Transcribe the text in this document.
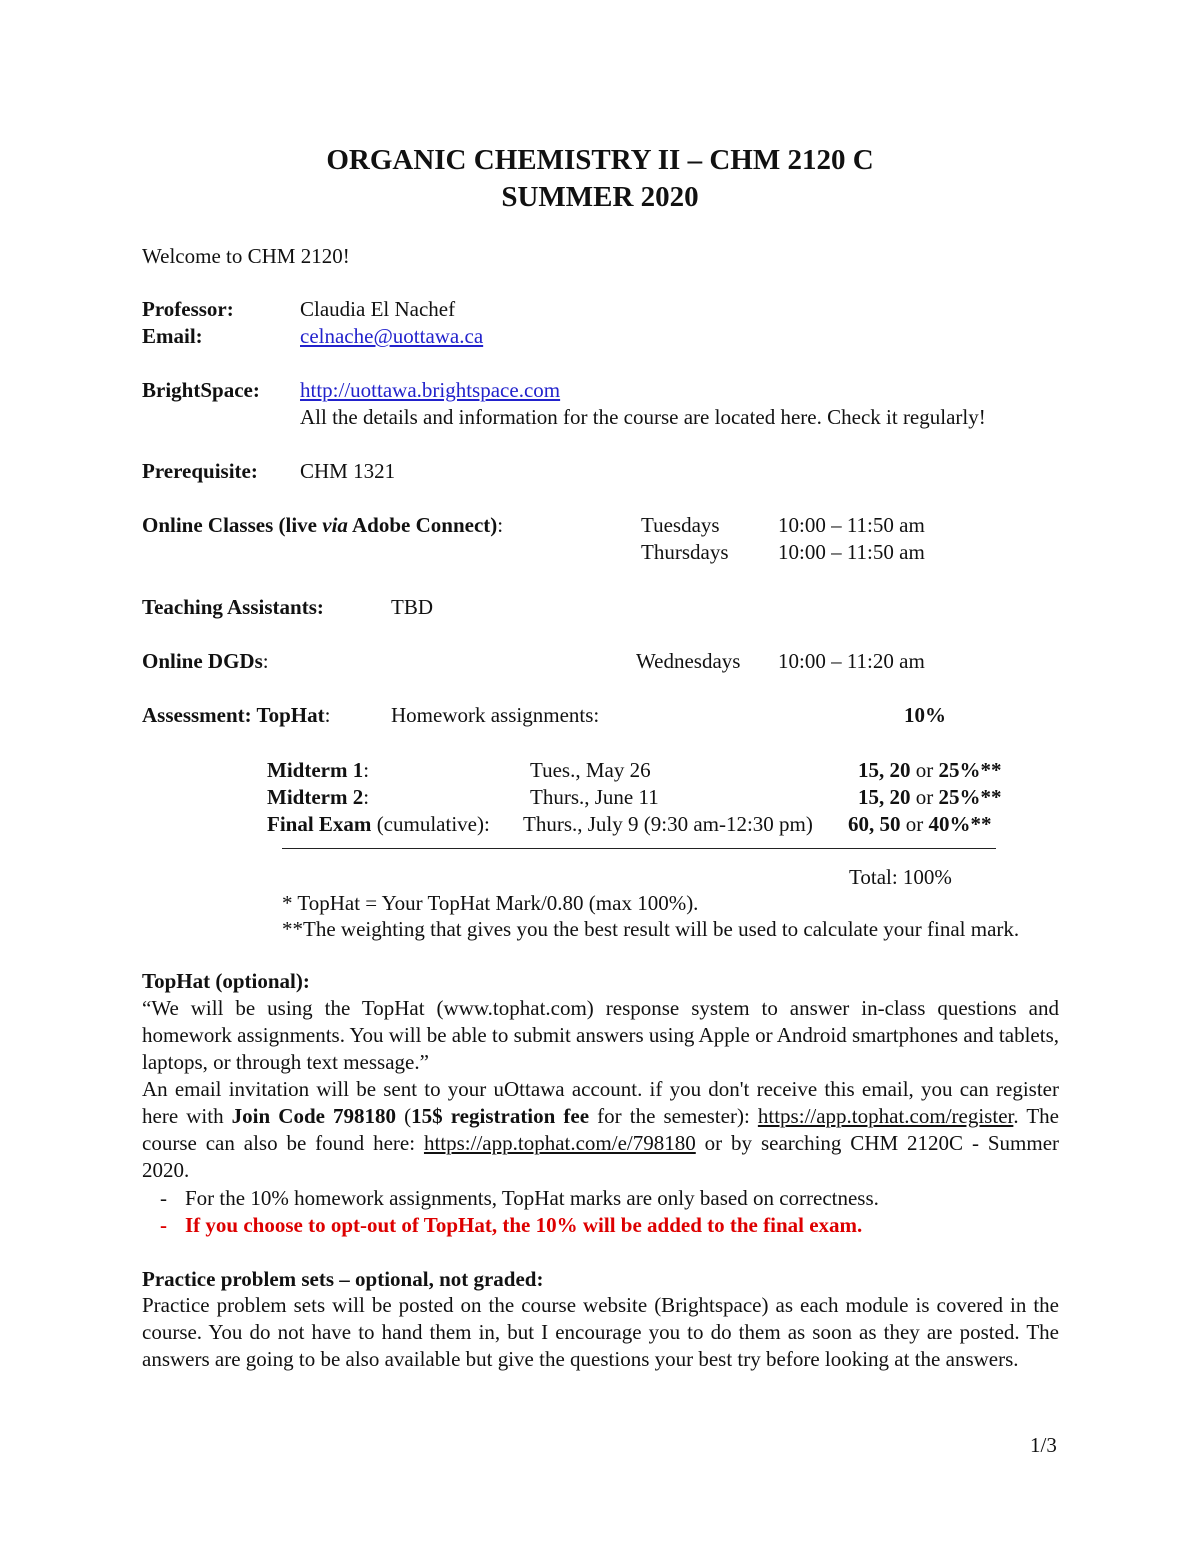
ORGANIC CHEMISTRY II – CHM 2120 C
SUMMER 2020
Welcome to CHM 2120!
Professor:	Claudia El Nachef
Email:	celnache@uottawa.ca
BrightSpace: http://uottawa.brightspace.com
All the details and information for the course are located here. Check it regularly!
Prerequisite: CHM 1321
Online Classes (live via Adobe Connect):	Tuesdays	10:00 – 11:50 am
Thursdays 10:00 – 11:50 am
Teaching Assistants:	TBD
Online DGDs:	Wednesdays 10:00 – 11:20 am
Assessment: TopHat:	Homework assignments:	10%
Midterm 1:	Tues., May 26	15, 20 or 25%**
Midterm 2:	Thurs., June 11	15, 20 or 25%**
Final Exam (cumulative): Thurs., July 9 (9:30 am-12:30 pm) 60, 50 or 40%**
Total: 100%
* TopHat = Your TopHat Mark/0.80 (max 100%).
**The weighting that gives you the best result will be used to calculate your final mark.
TopHat (optional):
“We will be using the TopHat (www.tophat.com) response system to answer in-class questions and homework assignments. You will be able to submit answers using Apple or Android smartphones and tablets, laptops, or through text message.”
An email invitation will be sent to your uOttawa account. if you don't receive this email, you can register here with Join Code 798180 (15$ registration fee for the semester): https://app.tophat.com/register. The course can also be found here: https://app.tophat.com/e/798180 or by searching CHM 2120C - Summer 2020.
- For the 10% homework assignments, TopHat marks are only based on correctness.
- If you choose to opt-out of TopHat, the 10% will be added to the final exam.
Practice problem sets – optional, not graded:
Practice problem sets will be posted on the course website (Brightspace) as each module is covered in the course. You do not have to hand them in, but I encourage you to do them as soon as they are posted. The answers are going to be also available but give the questions your best try before looking at the answers.
1/3
